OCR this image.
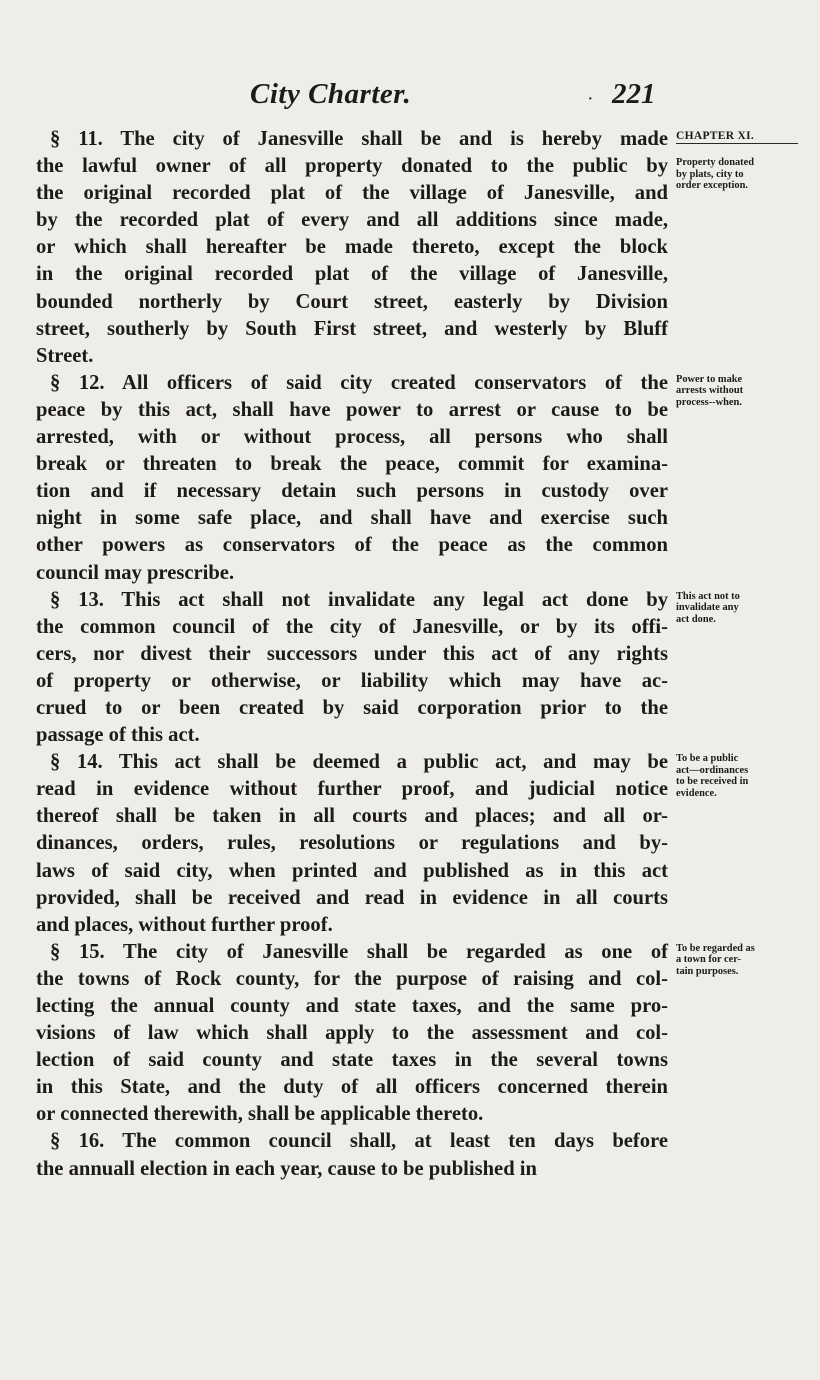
City Charter.	· 221
§ 11. The city of Janesville shall be and is hereby made
the lawful owner of all property donated to the public by
the original recorded plat of the village of Janesville, and
by the recorded plat of every and all additions since made,
or which shall hereafter be made thereto, except the block
in the original recorded plat of the village of Janesville,
bounded northerly by Court street, easterly by Division
street, southerly by South First street, and westerly by Bluff
Street.
§ 12. All officers of said city created conservators of the
peace by this act, shall have power to arrest or cause to be
arrested, with or without process, all persons who shall
break or threaten to break the peace, commit for examina-
tion and if necessary detain such persons in custody over
night in some safe place, and shall have and exercise such
other powers as conservators of the peace as the common
council may prescribe.
§ 13. This act shall not invalidate any legal act done by
the common council of the city of Janesville, or by its offi-
cers, nor divest their successors under this act of any rights
of property or otherwise, or liability which may have ac-
crued to or been created by said corporation prior to the
passage of this act.
§ 14. This act shall be deemed a public act, and may be
read in evidence without further proof, and judicial notice
thereof shall be taken in all courts and places; and all or-
dinances, orders, rules, resolutions or regulations and by-
laws of said city, when printed and published as in this act
provided, shall be received and read in evidence in all courts
and places, without further proof.
§ 15. The city of Janesville shall be regarded as one of
the towns of Rock county, for the purpose of raising and col-
lecting the annual county and state taxes, and the same pro-
visions of law which shall apply to the assessment and col-
lection of said county and state taxes in the several towns
in this State, and the duty of all officers concerned therein
or connected therewith, shall be applicable thereto.
§ 16. The common council shall, at least ten days before
the annuall election in each year, cause to be published in
CHAPTER XI.
Property donated
by plats, city to
order exception.
Power to make
arrests without
process--when.
This act not to
invalidate any
act done.
To be a public
act—ordinances
to be received in
evidence.
To be regarded as
a town for cer-
tain purposes.
